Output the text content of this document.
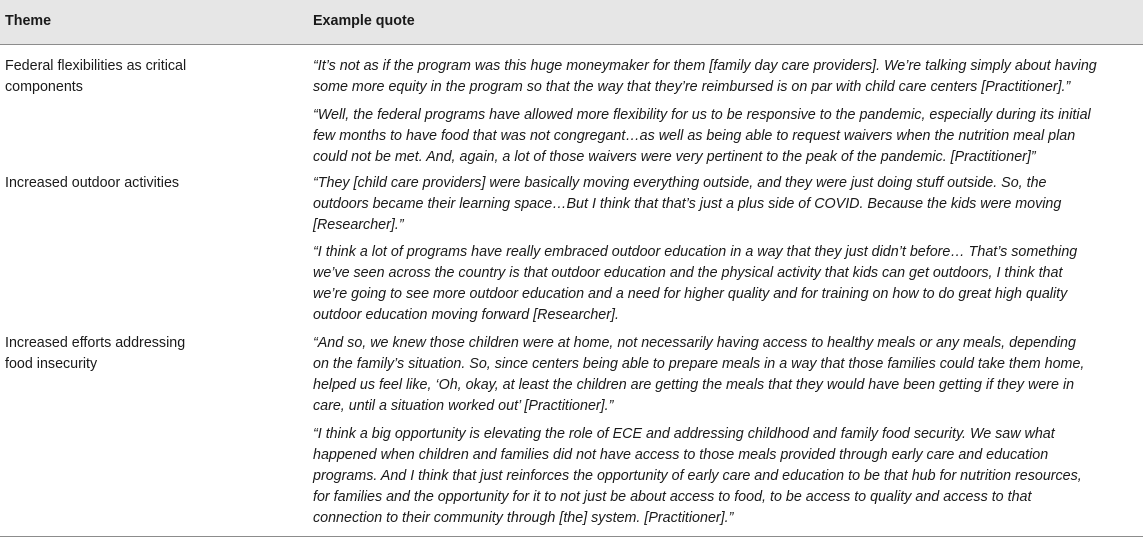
Theme	Example quote
Federal flexibilities as critical
components
“It’s not as if the program was this huge moneymaker for them [family day care providers]. We’re talking simply about having
some more equity in the program so that the way that they’re reimbursed is on par with child care centers [Practitioner].”
“Well, the federal programs have allowed more flexibility for us to be responsive to the pandemic, especially during its initial
few months to have food that was not congregant…as well as being able to request waivers when the nutrition meal plan
could not be met. And, again, a lot of those waivers were very pertinent to the peak of the pandemic. [Practitioner]”
Increased outdoor activities	“They [child care providers] were basically moving everything outside, and they were just doing stuff outside. So, the
outdoors became their learning space…But I think that that’s just a plus side of COVID. Because the kids were moving
[Researcher].”
“I think a lot of programs have really embraced outdoor education in a way that they just didn’t before… That’s something
we’ve seen across the country is that outdoor education and the physical activity that kids can get outdoors, I think that
we’re going to see more outdoor education and a need for higher quality and for training on how to do great high quality
outdoor education moving forward [Researcher].
Increased efforts addressing
food insecurity
“And so, we knew those children were at home, not necessarily having access to healthy meals or any meals, depending
on the family’s situation. So, since centers being able to prepare meals in a way that those families could take them home,
helped us feel like, ‘Oh, okay, at least the children are getting the meals that they would have been getting if they were in
care, until a situation worked out’ [Practitioner].”
“I think a big opportunity is elevating the role of ECE and addressing childhood and family food security. We saw what
happened when children and families did not have access to those meals provided through early care and education
programs. And I think that just reinforces the opportunity of early care and education to be that hub for nutrition resources,
for families and the opportunity for it to not just be about access to food, to be access to quality and access to that
connection to their community through [the] system. [Practitioner].”
